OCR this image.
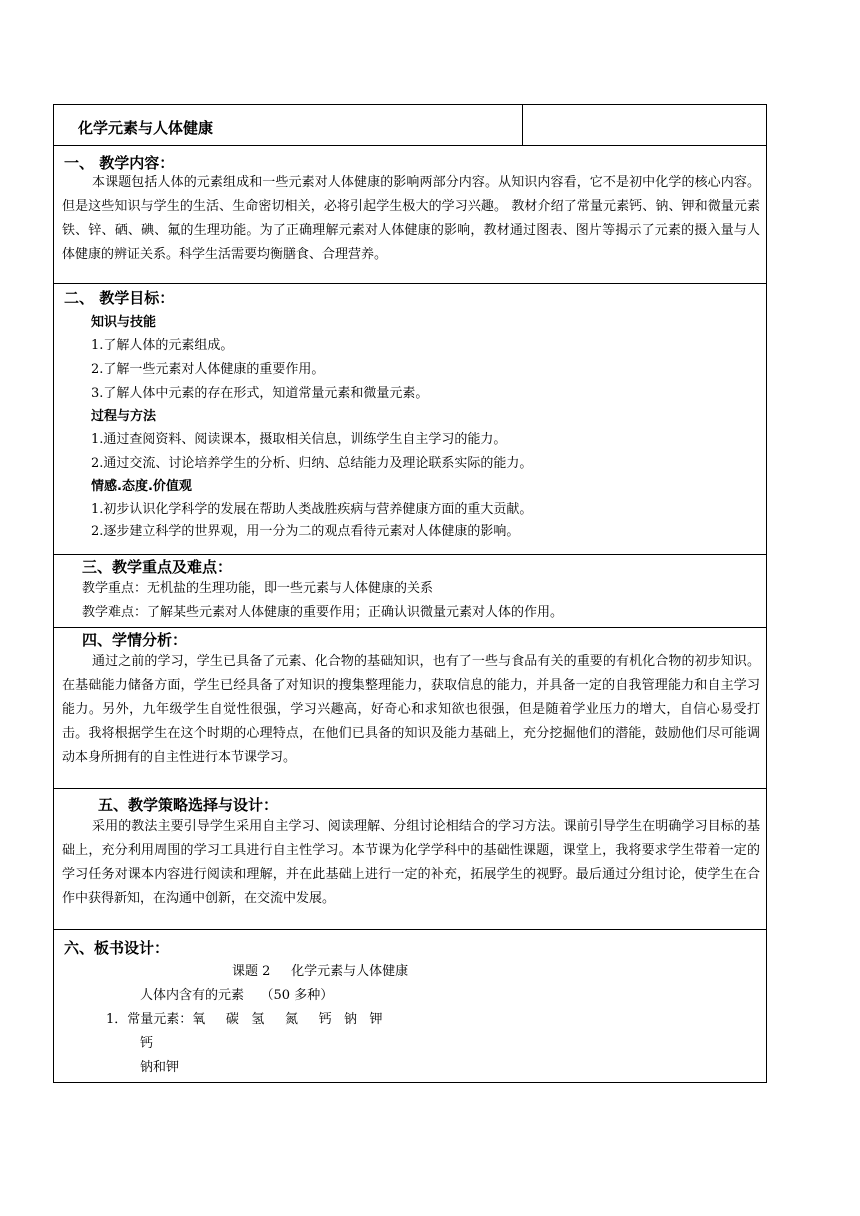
化学元素与人体健康

一、 教学内容：

本课题包括人体的元素组成和一些元素对人体健康的影响两部分内容。从知识内容看，它不是初中化学的核心内容。但是这些知识与学生的生活、生命密切相关，必将引起学生极大的学习兴趣。 教材介绍了常量元素钙、钠、钾和微量元素铁、锌、硒、碘、氟的生理功能。为了正确理解元素对人体健康的影响，教材通过图表、图片等揭示了元素的摄入量与人体健康的辨证关系。科学生活需要均衡膳食、合理营养。

二、 教学目标：
知识与技能
1.了解人体的元素组成。
2.了解一些元素对人体健康的重要作用。
3.了解人体中元素的存在形式，知道常量元素和微量元素。
过程与方法
1.通过查阅资料、阅读课本，摄取相关信息，训练学生自主学习的能力。
2.通过交流、讨论培养学生的分析、归纳、总结能力及理论联系实际的能力。
情感.态度.价值观
1.初步认识化学科学的发展在帮助人类战胜疾病与营养健康方面的重大贡献。
2.逐步建立科学的世界观，用一分为二的观点看待元素对人体健康的影响。

三、教学重点及难点：
教学重点：无机盐的生理功能，即一些元素与人体健康的关系
教学难点：了解某些元素对人体健康的重要作用；正确认识微量元素对人体的作用。

四、学情分析：

通过之前的学习，学生已具备了元素、化合物的基础知识，也有了一些与食品有关的重要的有机化合物的初步知识。在基础能力储备方面，学生已经具备了对知识的搜集整理能力，获取信息的能力，并具备一定的自我管理能力和自主学习能力。另外，九年级学生自觉性很强，学习兴趣高，好奇心和求知欲也很强，但是随着学业压力的增大，自信心易受打击。我将根据学生在这个时期的心理特点，在他们已具备的知识及能力基础上，充分挖掘他们的潜能，鼓励他们尽可能调动本身所拥有的自主性进行本节课学习。

五、教学策略选择与设计：

采用的教法主要引导学生采用自主学习、阅读理解、分组讨论相结合的学习方法。课前引导学生在明确学习目标的基础上，充分利用周围的学习工具进行自主性学习。本节课为化学学科中的基础性课题，课堂上，我将要求学生带着一定的学习任务对课本内容进行阅读和理解，并在此基础上进行一定的补充，拓展学生的视野。最后通过分组讨论，使学生在合作中获得新知，在沟通中创新，在交流中发展。

六、板书设计：
课题 2     化学元素与人体健康
人体内含有的元素    （50 多种）
1．常量元素：氧     碳   氢     氮     钙   钠   钾
钙
钠和钾
